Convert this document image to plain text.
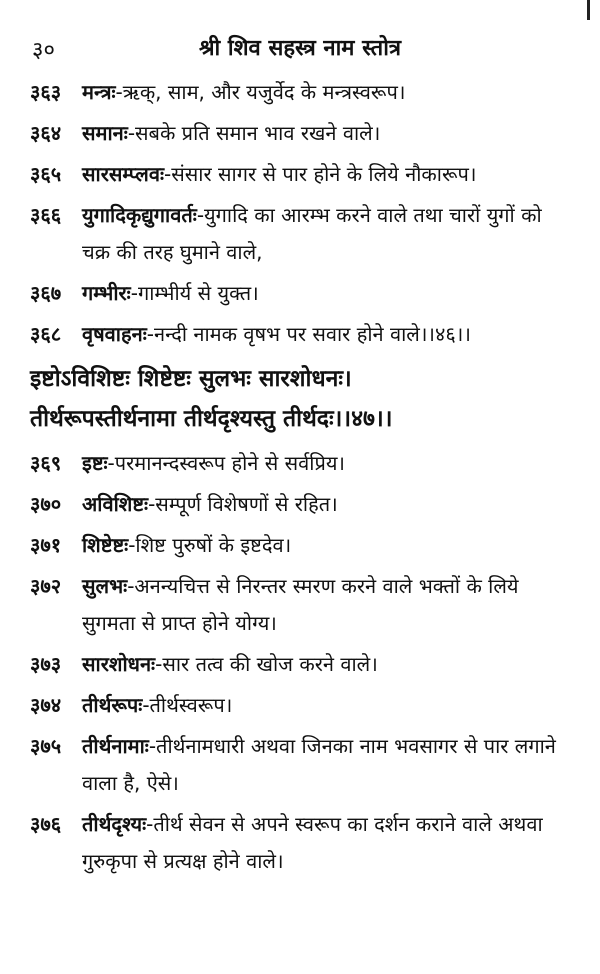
३०	श्री शिव सहस्त्र नाम स्तोत्र
३६३	मन्त्रः-ऋक्, साम, और यजुर्वेद के मन्त्रस्वरूप।
३६४	समानः-सबके प्रति समान भाव रखने वाले।
३६५	सारसम्प्लवः-संसार सागर से पार होने के लिये नौकारूप।
३६६	युगादिकृद्युगावर्तः-युगादि का आरम्भ करने वाले तथा चारों युगों को चक्र की तरह घुमाने वाले,
३६७	गम्भीरः-गाम्भीर्य से युक्त।
३६८	वृषवाहनः-नन्दी नामक वृषभ पर सवार होने वाले।।४६।।
इष्टोऽविशिष्टः शिष्टेष्टः सुलभः सारशोधनः।
तीर्थरूपस्तीर्थनामा तीर्थदृश्यस्तु तीर्थदः।।४७।।
३६९	इष्टः-परमानन्दस्वरूप होने से सर्वप्रिय।
३७०	अविशिष्टः-सम्पूर्ण विशेषणों से रहित।
३७१	शिष्टेष्टः-शिष्ट पुरुषों के इष्टदेव।
३७२	सुलभः-अनन्यचित्त से निरन्तर स्मरण करने वाले भक्तों के लिये सुगमता से प्राप्त होने योग्य।
३७३	सारशोधनः-सार तत्व की खोज करने वाले।
३७४	तीर्थरूपः-तीर्थस्वरूप।
३७५	तीर्थनामाः-तीर्थनामधारी अथवा जिनका नाम भवसागर से पार लगाने वाला है, ऐसे।
३७६	तीर्थदृश्यः-तीर्थ सेवन से अपने स्वरूप का दर्शन कराने वाले अथवा गुरुकृपा से प्रत्यक्ष होने वाले।
